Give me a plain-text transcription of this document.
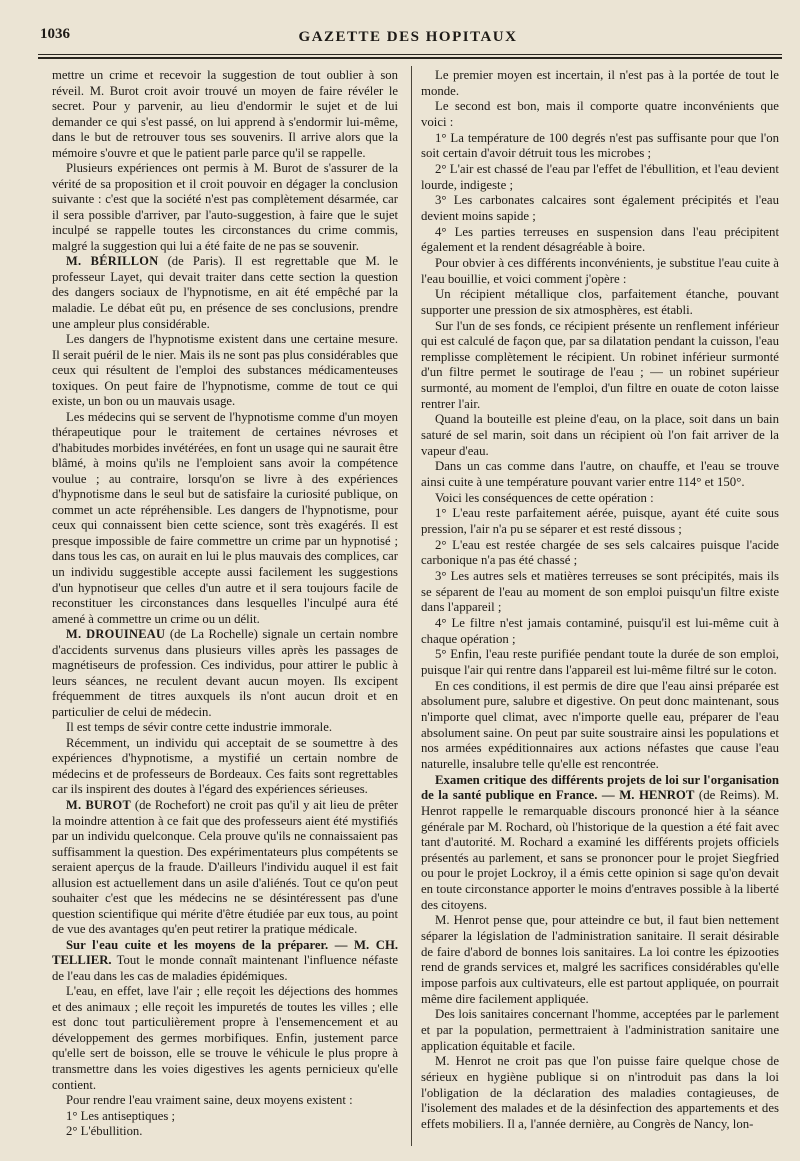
1036	GAZETTE DES HOPITAUX

mettre un crime et recevoir la suggestion de tout oublier à son réveil. M. Burot croit avoir trouvé un moyen de faire révéler le secret. Pour y parvenir, au lieu d'endormir le sujet et de lui demander ce qui s'est passé, on lui apprend à s'endormir lui-même, dans le but de retrouver tous ses souvenirs. Il arrive alors que la mémoire s'ouvre et que le patient parle parce qu'il se rappelle.

Plusieurs expériences ont permis à M. Burot de s'assurer de la vérité de sa proposition et il croit pouvoir en dégager la conclusion suivante : c'est que la société n'est pas complètement désarmée, car il sera possible d'arriver, par l'auto-suggestion, à faire que le sujet inculpé se rappelle toutes les circonstances du crime commis, malgré la suggestion qui lui a été faite de ne pas se souvenir.

M. BÉRILLON (de Paris). Il est regrettable que M. le professeur Layet, qui devait traiter dans cette section la question des dangers sociaux de l'hypnotisme, en ait été empêché par la maladie. Le débat eût pu, en présence de ses conclusions, prendre une ampleur plus considérable.

Les dangers de l'hypnotisme existent dans une certaine mesure. Il serait puéril de le nier. Mais ils ne sont pas plus considérables que ceux qui résultent de l'emploi des substances médicamenteuses toxiques. On peut faire de l'hypnotisme, comme de tout ce qui existe, un bon ou un mauvais usage.

Les médecins qui se servent de l'hypnotisme comme d'un moyen thérapeutique pour le traitement de certaines névroses et d'habitudes morbides invétérées, en font un usage qui ne saurait être blâmé, à moins qu'ils ne l'emploient sans avoir la compétence voulue ; au contraire, lorsqu'on se livre à des expériences d'hypnotisme dans le seul but de satisfaire la curiosité publique, on commet un acte répréhensible. Les dangers de l'hypnotisme, pour ceux qui connaissent bien cette science, sont très exagérés. Il est presque impossible de faire commettre un crime par un hypnotisé ; dans tous les cas, on aurait en lui le plus mauvais des complices, car un individu suggestible accepte aussi facilement les suggestions d'un hypnotiseur que celles d'un autre et il sera toujours facile de reconstituer les circonstances dans lesquelles l'inculpé aura été amené à commettre un crime ou un délit.

M. DROUINEAU (de La Rochelle) signale un certain nombre d'accidents survenus dans plusieurs villes après les passages de magnétiseurs de profession. Ces individus, pour attirer le public à leurs séances, ne reculent devant aucun moyen. Ils excipent fréquemment de titres auxquels ils n'ont aucun droit et en particulier de celui de médecin.

Il est temps de sévir contre cette industrie immorale.

Récemment, un individu qui acceptait de se soumettre à des expériences d'hypnotisme, a mystifié un certain nombre de médecins et de professeurs de Bordeaux. Ces faits sont regrettables car ils inspirent des doutes à l'égard des expériences sérieuses.

M. BUROT (de Rochefort) ne croit pas qu'il y ait lieu de prêter la moindre attention à ce fait que des professeurs aient été mystifiés par un individu quelconque. Cela prouve qu'ils ne connaissaient pas suffisamment la question. Des expérimentateurs plus compétents se seraient aperçus de la fraude. D'ailleurs l'individu auquel il est fait allusion est actuellement dans un asile d'aliénés. Tout ce qu'on peut souhaiter c'est que les médecins ne se désintéressent pas d'une question scientifique qui mérite d'être étudiée par eux tous, au point de vue des avantages qu'en peut retirer la pratique médicale.

Sur l'eau cuite et les moyens de la préparer. — M. CH. TELLIER. Tout le monde connaît maintenant l'influence néfaste de l'eau dans les cas de maladies épidémiques.

L'eau, en effet, lave l'air ; elle reçoit les déjections des hommes et des animaux ; elle reçoit les impuretés de toutes les villes ; elle est donc tout particulièrement propre à l'ensemencement et au développement des germes morbifiques. Enfin, justement parce qu'elle sert de boisson, elle se trouve le véhicule le plus propre à transmettre dans les voies digestives les agents pernicieux qu'elle contient.

Pour rendre l'eau vraiment saine, deux moyens existent :

1° Les antiseptiques ;

2° L'ébullition.

Le premier moyen est incertain, il n'est pas à la portée de tout le monde.

Le second est bon, mais il comporte quatre inconvénients que voici :

1° La température de 100 degrés n'est pas suffisante pour que l'on soit certain d'avoir détruit tous les microbes ;

2° L'air est chassé de l'eau par l'effet de l'ébullition, et l'eau devient lourde, indigeste ;

3° Les carbonates calcaires sont également précipités et l'eau devient moins sapide ;

4° Les parties terreuses en suspension dans l'eau précipitent également et la rendent désagréable à boire.

Pour obvier à ces différents inconvénients, je substitue l'eau cuite à l'eau bouillie, et voici comment j'opère :

Un récipient métallique clos, parfaitement étanche, pouvant supporter une pression de six atmosphères, est établi.

Sur l'un de ses fonds, ce récipient présente un renflement inférieur qui est calculé de façon que, par sa dilatation pendant la cuisson, l'eau remplisse complètement le récipient. Un robinet inférieur surmonté d'un filtre permet le soutirage de l'eau ; — un robinet supérieur surmonté, au moment de l'emploi, d'un filtre en ouate de coton laisse rentrer l'air.

Quand la bouteille est pleine d'eau, on la place, soit dans un bain saturé de sel marin, soit dans un récipient où l'on fait arriver de la vapeur d'eau.

Dans un cas comme dans l'autre, on chauffe, et l'eau se trouve ainsi cuite à une température pouvant varier entre 114° et 150°.

Voici les conséquences de cette opération :

1° L'eau reste parfaitement aérée, puisque, ayant été cuite sous pression, l'air n'a pu se séparer et est resté dissous ;

2° L'eau est restée chargée de ses sels calcaires puisque l'acide carbonique n'a pas été chassé ;

3° Les autres sels et matières terreuses se sont précipités, mais ils se séparent de l'eau au moment de son emploi puisqu'un filtre existe dans l'appareil ;

4° Le filtre n'est jamais contaminé, puisqu'il est lui-même cuit à chaque opération ;

5° Enfin, l'eau reste purifiée pendant toute la durée de son emploi, puisque l'air qui rentre dans l'appareil est lui-même filtré sur le coton.

En ces conditions, il est permis de dire que l'eau ainsi préparée est absolument pure, salubre et digestive. On peut donc maintenant, sous n'importe quel climat, avec n'importe quelle eau, préparer de l'eau absolument saine. On peut par suite soustraire ainsi les populations et nos armées expéditionnaires aux actions néfastes que cause l'eau naturelle, insalubre telle qu'elle est rencontrée.

Examen critique des différents projets de loi sur l'organisation de la santé publique en France. — M. HENROT (de Reims). M. Henrot rappelle le remarquable discours prononcé hier à la séance générale par M. Rochard, où l'historique de la question a été fait avec tant d'autorité. M. Rochard a examiné les différents projets officiels présentés au parlement, et sans se prononcer pour le projet Siegfried ou pour le projet Lockroy, il a émis cette opinion si sage qu'on devait en toute circonstance apporter le moins d'entraves possible à la liberté des citoyens.

M. Henrot pense que, pour atteindre ce but, il faut bien nettement séparer la législation de l'administration sanitaire. Il serait désirable de faire d'abord de bonnes lois sanitaires. La loi contre les épizooties rend de grands services et, malgré les sacrifices considérables qu'elle impose parfois aux cultivateurs, elle est partout appliquée, on pourrait même dire facilement appliquée.

Des lois sanitaires concernant l'homme, acceptées par le parlement et par la population, permettraient à l'administration sanitaire une application équitable et facile.

M. Henrot ne croit pas que l'on puisse faire quelque chose de sérieux en hygiène publique si on n'introduit pas dans la loi l'obligation de la déclaration des maladies contagieuses, de l'isolement des malades et de la désinfection des appartements et des effets mobiliers. Il a, l'année dernière, au Congrès de Nancy, lon-
